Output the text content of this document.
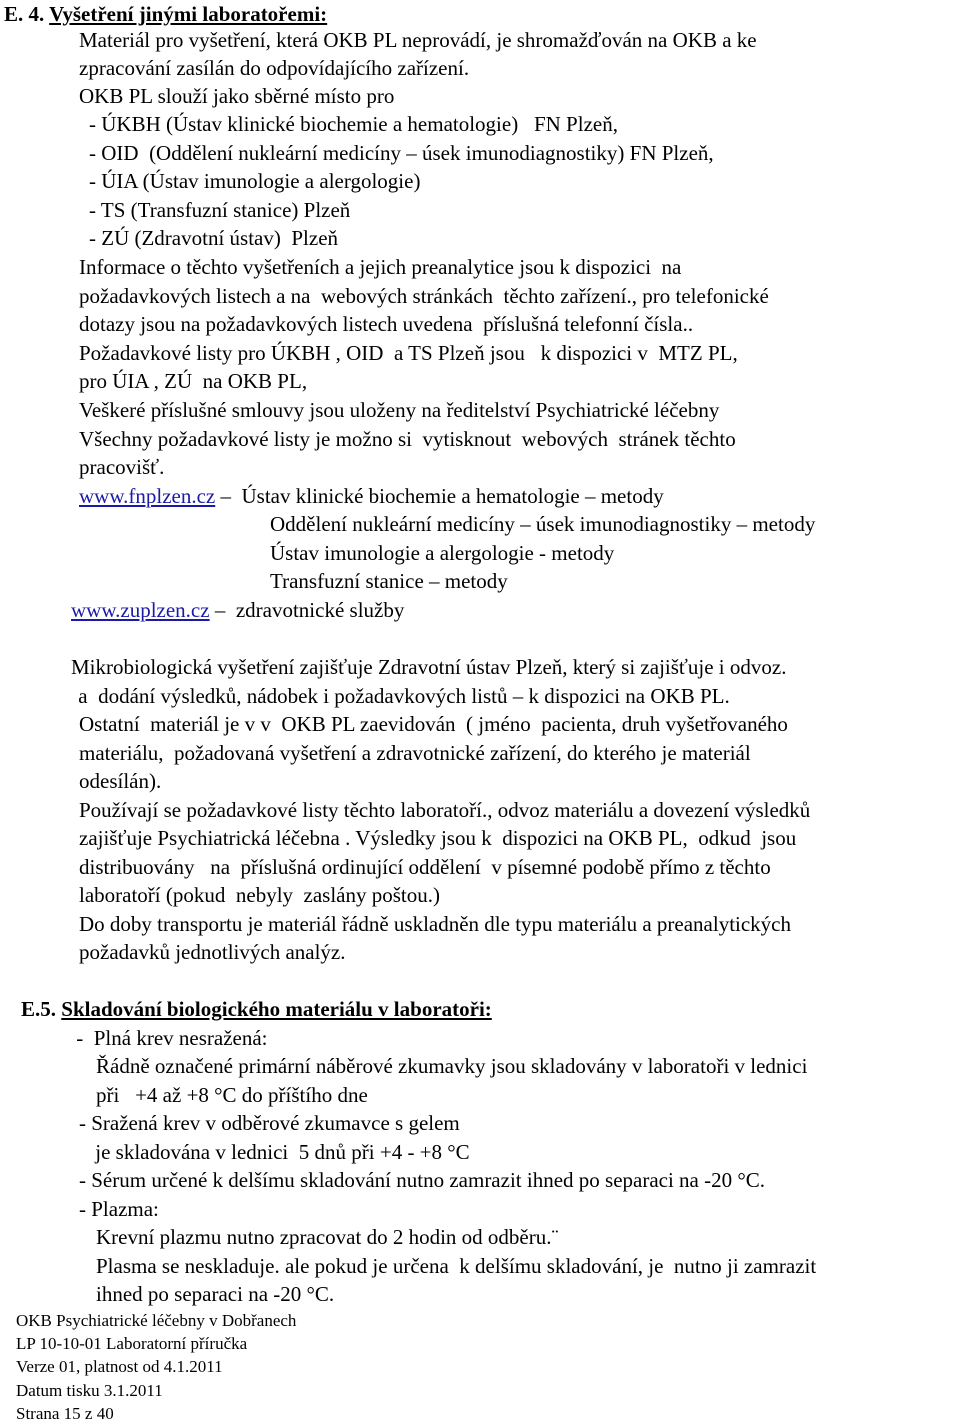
E. 4. Vyšetření jinými laboratořemi:
Materiál pro vyšetření, která OKB PL neprovádí, je shromažďován na OKB a ke
zpracování zasílán do odpovídajícího zařízení.
OKB PL slouží jako sběrné místo pro
- ÚKBH (Ústav klinické biochemie a hematologie)   FN Plzeň,
- OID  (Oddělení nukleární medicíny – úsek imunodiagnostiky) FN Plzeň,
- ÚIA (Ústav imunologie a alergologie)
- TS (Transfuzní stanice) Plzeň
- ZÚ (Zdravotní ústav)  Plzeň
Informace o těchto vyšetřeních a jejich preanalytice jsou k dispozici  na
požadavkových listech a na  webových stránkách  těchto zařízení., pro telefonické
dotazy jsou na požadavkových listech uvedena  příslušná telefonní čísla..
Požadavkové listy pro ÚKBH , OID  a TS Plzeň jsou   k dispozici v  MTZ PL,
pro ÚIA , ZÚ  na OKB PL,
Veškeré příslušné smlouvy jsou uloženy na ředitelství Psychiatrické léčebny
Všechny požadavkové listy je možno si  vytisknout  webových  stránek těchto
pracovišť.
www.fnplzen.cz –  Ústav klinické biochemie a hematologie – metody
Oddělení nukleární medicíny – úsek imunodiagnostiky – metody
Ústav imunologie a alergologie - metody
Transfuzní stanice – metody
www.zuplzen.cz –  zdravotnické služby
Mikrobiologická vyšetření zajišťuje Zdravotní ústav Plzeň, který si zajišťuje i odvoz.
a  dodání výsledků, nádobek i požadavkových listů – k dispozici na OKB PL.
Ostatní  materiál je v v  OKB PL zaevidován  ( jméno  pacienta, druh vyšetřovaného
materiálu,  požadovaná vyšetření a zdravotnické zařízení, do kterého je materiál
odesílán).
Používají se požadavkové listy těchto laboratoří., odvoz materiálu a dovezení výsledků
zajišťuje Psychiatrická léčebna . Výsledky jsou k  dispozici na OKB PL,  odkud  jsou
distribuovány   na  příslušná ordinující oddělení  v písemné podobě přímo z těchto
laboratoří (pokud  nebyly  zaslány poštou.)
Do doby transportu je materiál řádně uskladněn dle typu materiálu a preanalytických
požadavků jednotlivých analýz.
E.5. Skladování biologického materiálu v laboratoři:
-  Plná krev nesražená:
Řádně označené primární náběrové zkumavky jsou skladovány v laboratoři v lednici
při   +4 až +8 °C do příštího dne
- Sražená krev v odběrové zkumavce s gelem
je skladována v lednici  5 dnů při +4 - +8 °C
- Sérum určené k delšímu skladování nutno zamrazit ihned po separaci na -20 °C.
- Plazma:
Krevní plazmu nutno zpracovat do 2 hodin od odběru.¨
Plasma se neskladuje. ale pokud je určena  k delšímu skladování, je  nutno ji zamrazit
ihned po separaci na -20 °C.
OKB Psychiatrické léčebny v Dobřanech
LP 10-10-01 Laboratorní příručka
Verze 01, platnost od 4.1.2011
Datum tisku 3.1.2011
Strana 15 z 40
